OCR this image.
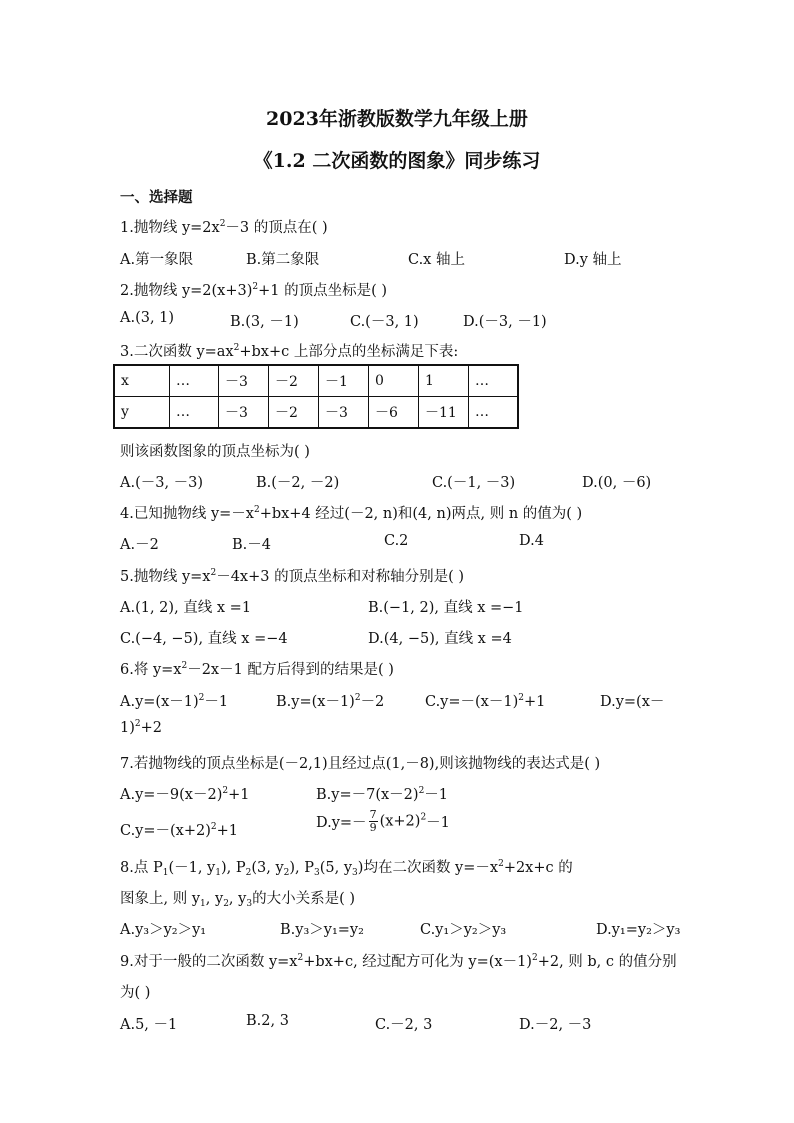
2023年浙教版数学九年级上册
《1.2 二次函数的图象》同步练习
一、选择题
1.抛物线 $y=2x^2-3$ 的顶点在( )
A.第一象限	B.第二象限	C.x 轴上	D.y 轴上
2.抛物线 $y=2(x+3)^2+1$ 的顶点坐标是( )
A.(3, 1)	B.(3, －1)	C.(－3, 1)	D.(－3, －1)
3.二次函数 $y=ax^2+bx+c$ 上部分点的坐标满足下表:
x	…	－3	－2	－1	0	1	…
y	…	－3	－2	－3	－6	－11	…
则该函数图象的顶点坐标为( )
A.(－3, －3)	B.(－2, －2)	C.(－1, －3)	D.(0, －6)
4.已知抛物线 $y=-x^2+bx+4$ 经过(－2, n)和(4, n)两点, 则 n 的值为( )
A.－2	B.－4	C.2	D.4
5.抛物线 $y=x^2-4x+3$ 的顶点坐标和对称轴分别是( )
A.(1, 2), 直线 x =1	B.(−1, 2), 直线 x =−1
C.(−4, −5), 直线 x =−4	D.(4, −5), 直线 x =4
6.将 $y=x^2-2x-1$ 配方后得到的结果是( )
$A.y=(x-1)^2-1$	$B.y=(x-1)^2-2$	$C.y=-(x-1)^2+1$	D.y=(x－
1)$^2$+2
7.若抛物线的顶点坐标是(－2,1)且经过点(1,－8),则该抛物线的表达式是( )
$A.y=-9(x-2)^2+1$	$B.y=-7(x-2)^2-1$
$C.y=-(x+2)^2+1$	$D.y=- \frac{7}{9} (x+2)^2-1$
8.点 $P_1(-1$, $y_1$), $P_2(3$, $y_2$), $P_3(5$, $y_3$)均在二次函数 $y=-x^2+2x+c$ 的
图象上, 则 $y_1$, $y_2$, $y_3$的大小关系是( )
A.y₃＞y₂＞y₁	B.y₃＞y₁=y₂	C.y₁＞y₂＞y₃	D.y₁=y₂＞y₃
9.对于一般的二次函数 $y=x^2+bx+c$, 经过配方可化为 $y=(x-1)^2+2$, 则 b, c 的值分别
为( )
A.5, －1	B.2, 3	C.－2, 3	D.－2, －3
